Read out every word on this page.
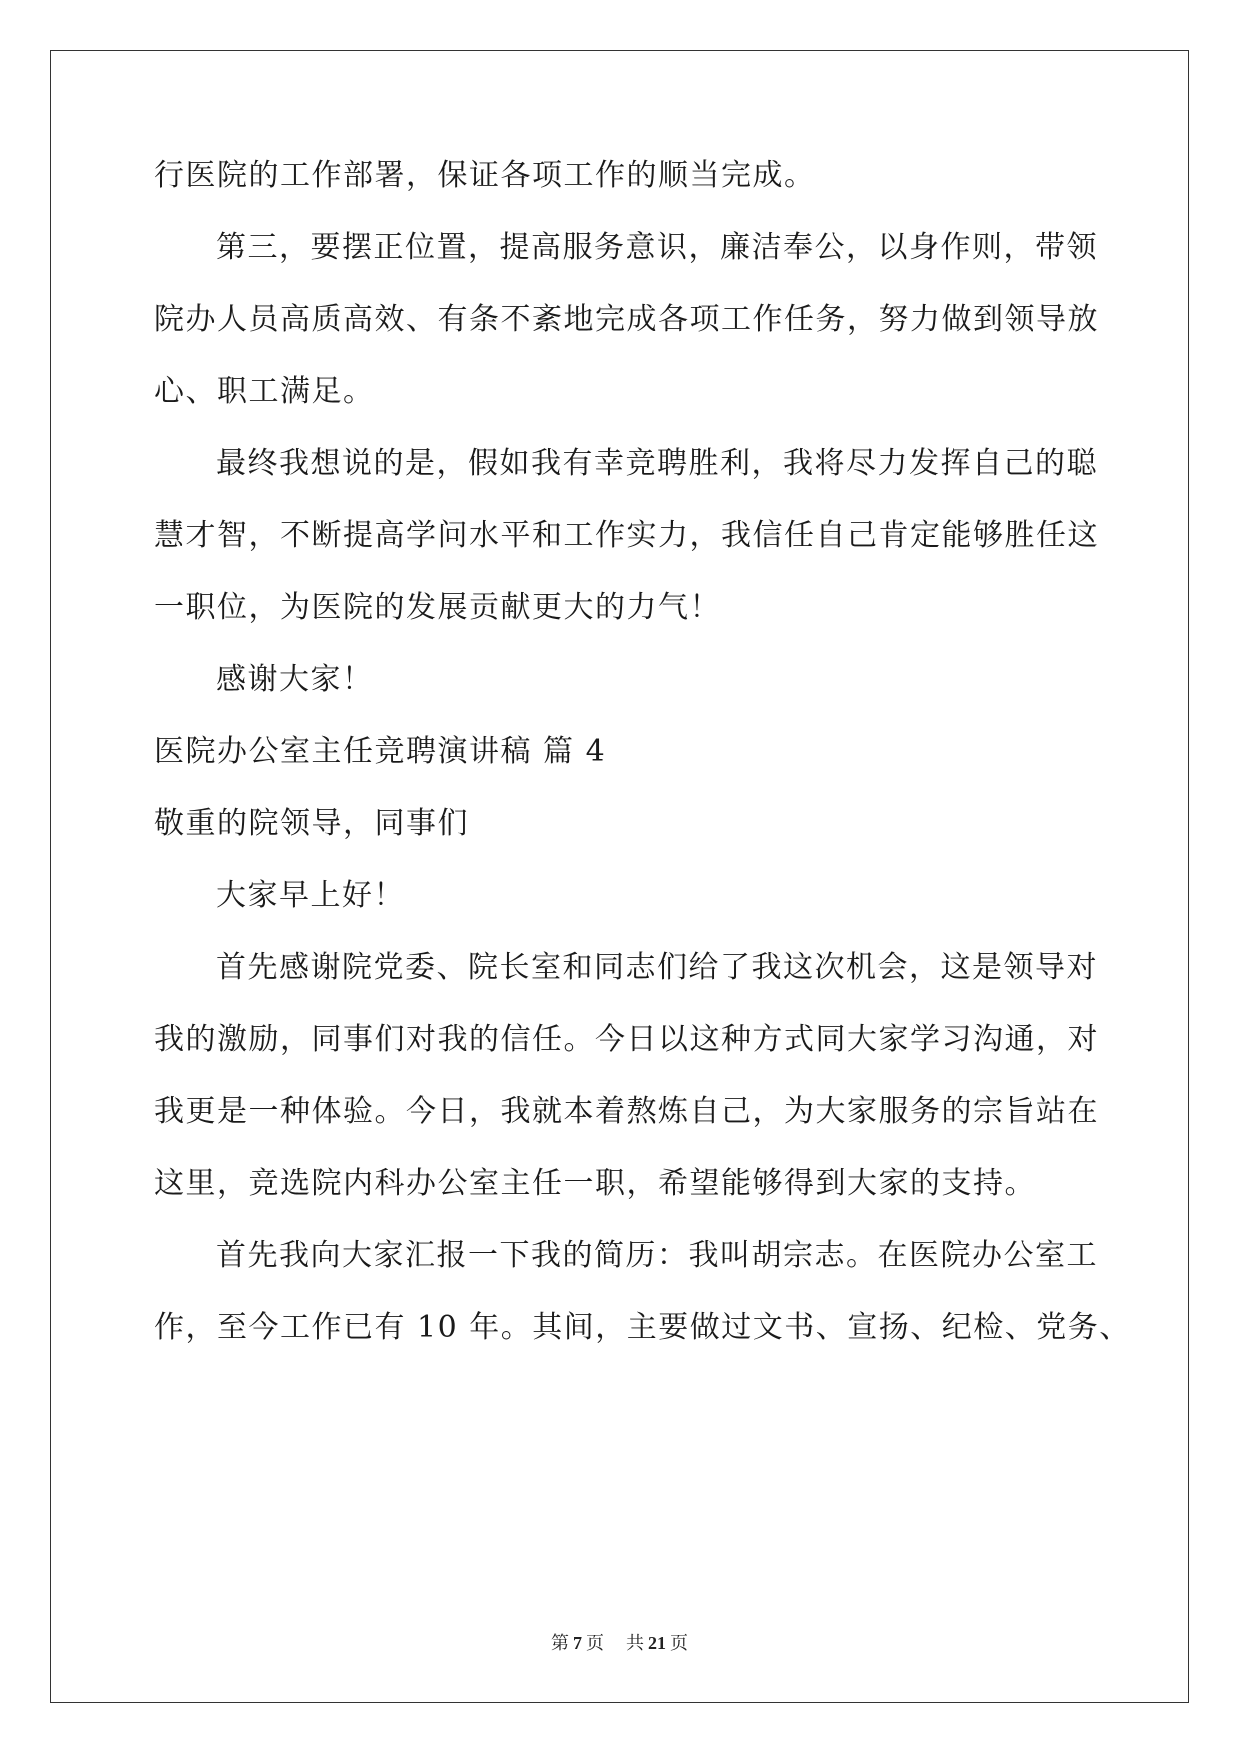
行医院的工作部署，保证各项工作的顺当完成。
第三，要摆正位置，提高服务意识，廉洁奉公，以身作则，带领
院办人员高质高效、有条不紊地完成各项工作任务，努力做到领导放
心、职工满足。
最终我想说的是，假如我有幸竞聘胜利，我将尽力发挥自己的聪
慧才智，不断提高学问水平和工作实力，我信任自己肯定能够胜任这
一职位，为医院的发展贡献更大的力气！
感谢大家！
医院办公室主任竞聘演讲稿 篇 4
敬重的院领导，同事们
大家早上好！
首先感谢院党委、院长室和同志们给了我这次机会，这是领导对
我的激励，同事们对我的信任。今日以这种方式同大家学习沟通，对
我更是一种体验。今日，我就本着熬炼自己，为大家服务的宗旨站在
这里，竞选院内科办公室主任一职，希望能够得到大家的支持。
首先我向大家汇报一下我的简历：我叫胡宗志。在医院办公室工
作，至今工作已有 10 年。其间，主要做过文书、宣扬、纪检、党务、
第 7 页 共 21 页
